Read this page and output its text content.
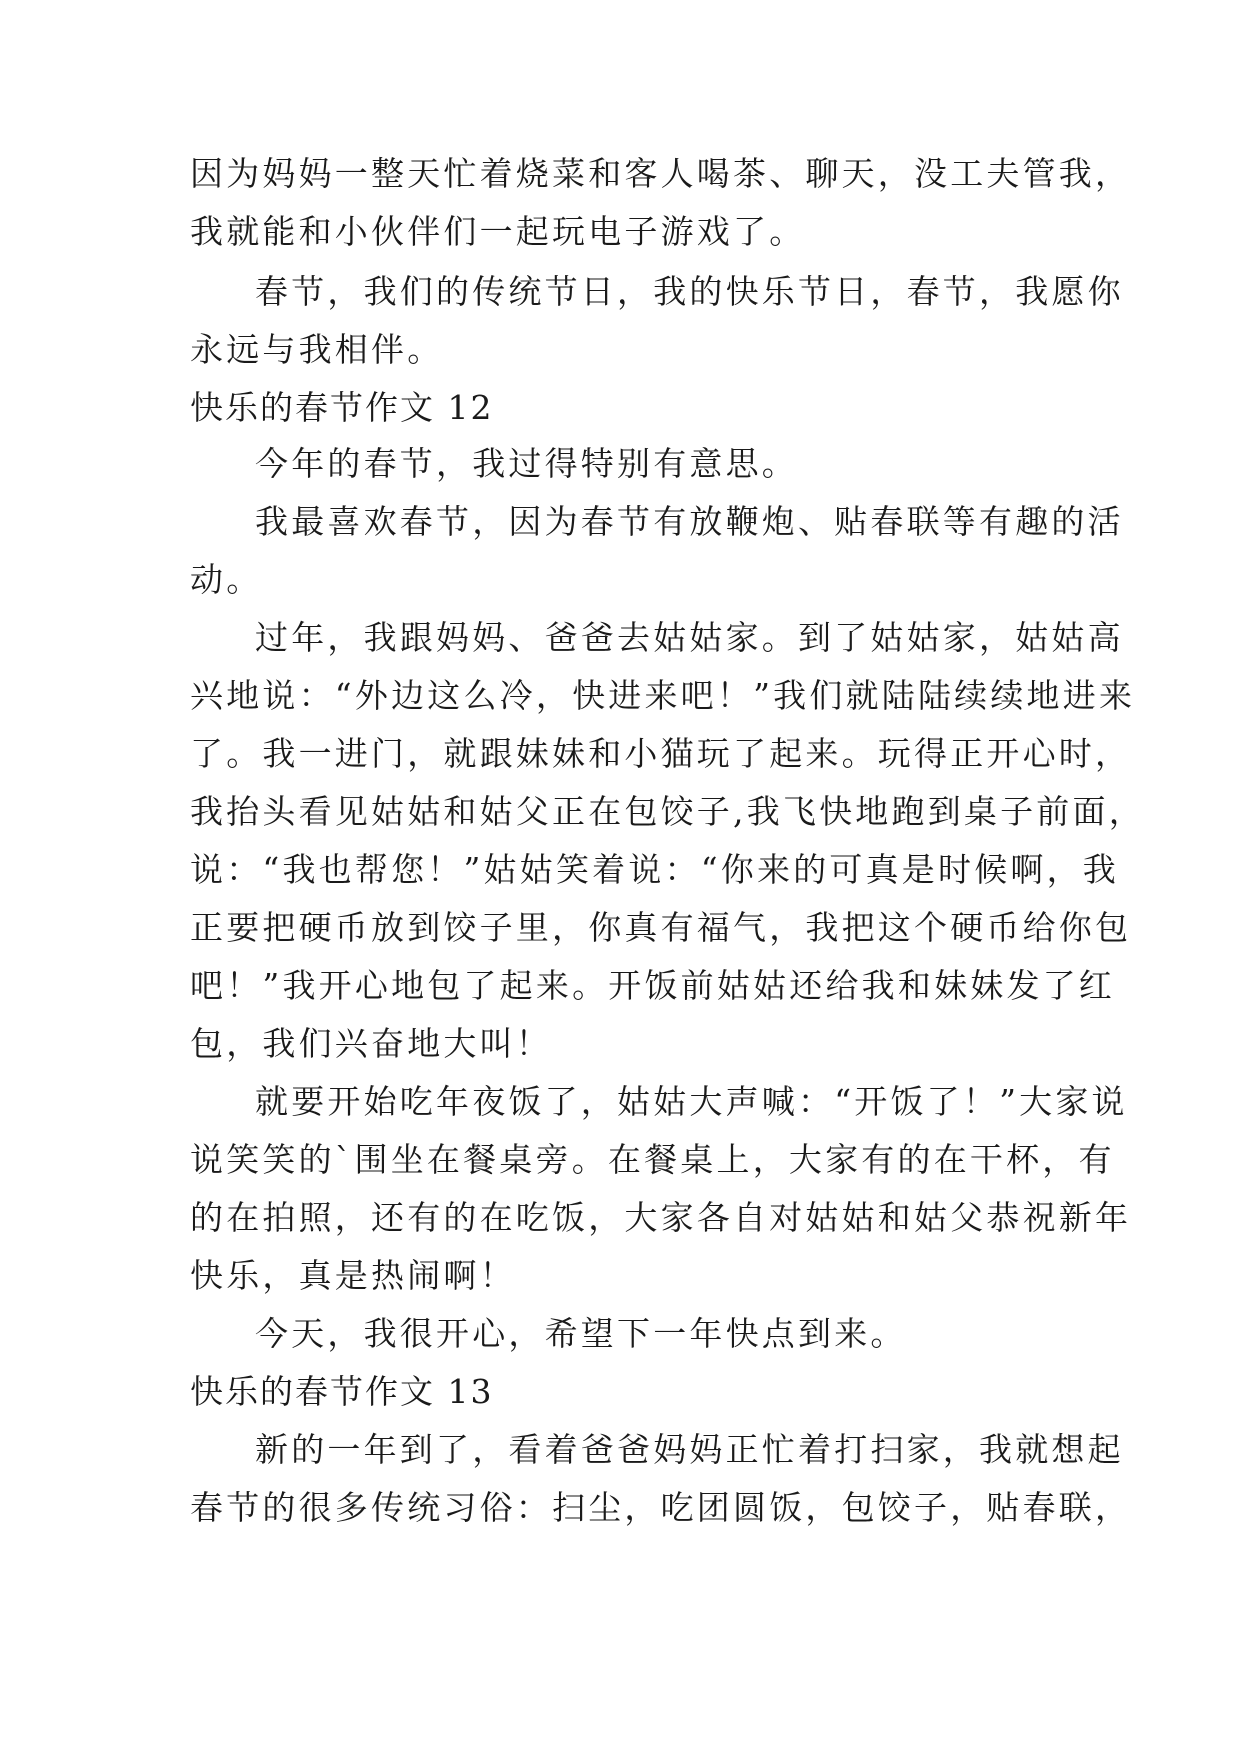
因为妈妈一整天忙着烧菜和客人喝茶、聊天，没工夫管我，
我就能和小伙伴们一起玩电子游戏了。
春节，我们的传统节日，我的快乐节日，春节，我愿你
永远与我相伴。
快乐的春节作文 12
今年的春节，我过得特别有意思。
我最喜欢春节，因为春节有放鞭炮、贴春联等有趣的活
动。
过年，我跟妈妈、爸爸去姑姑家。到了姑姑家，姑姑高
兴地说：“外边这么冷，快进来吧！”我们就陆陆续续地进来
了。我一进门，就跟妹妹和小猫玩了起来。玩得正开心时，
我抬头看见姑姑和姑父正在包饺子,我飞快地跑到桌子前面，
说：“我也帮您！”姑姑笑着说：“你来的可真是时候啊，我
正要把硬币放到饺子里，你真有福气，我把这个硬币给你包
吧！”我开心地包了起来。开饭前姑姑还给我和妹妹发了红
包，我们兴奋地大叫！
就要开始吃年夜饭了，姑姑大声喊：“开饭了！”大家说
说笑笑的`围坐在餐桌旁。在餐桌上，大家有的在干杯，有
的在拍照，还有的在吃饭，大家各自对姑姑和姑父恭祝新年
快乐，真是热闹啊！
今天，我很开心，希望下一年快点到来。
快乐的春节作文 13
新的一年到了，看着爸爸妈妈正忙着打扫家，我就想起
春节的很多传统习俗：扫尘，吃团圆饭，包饺子，贴春联，
